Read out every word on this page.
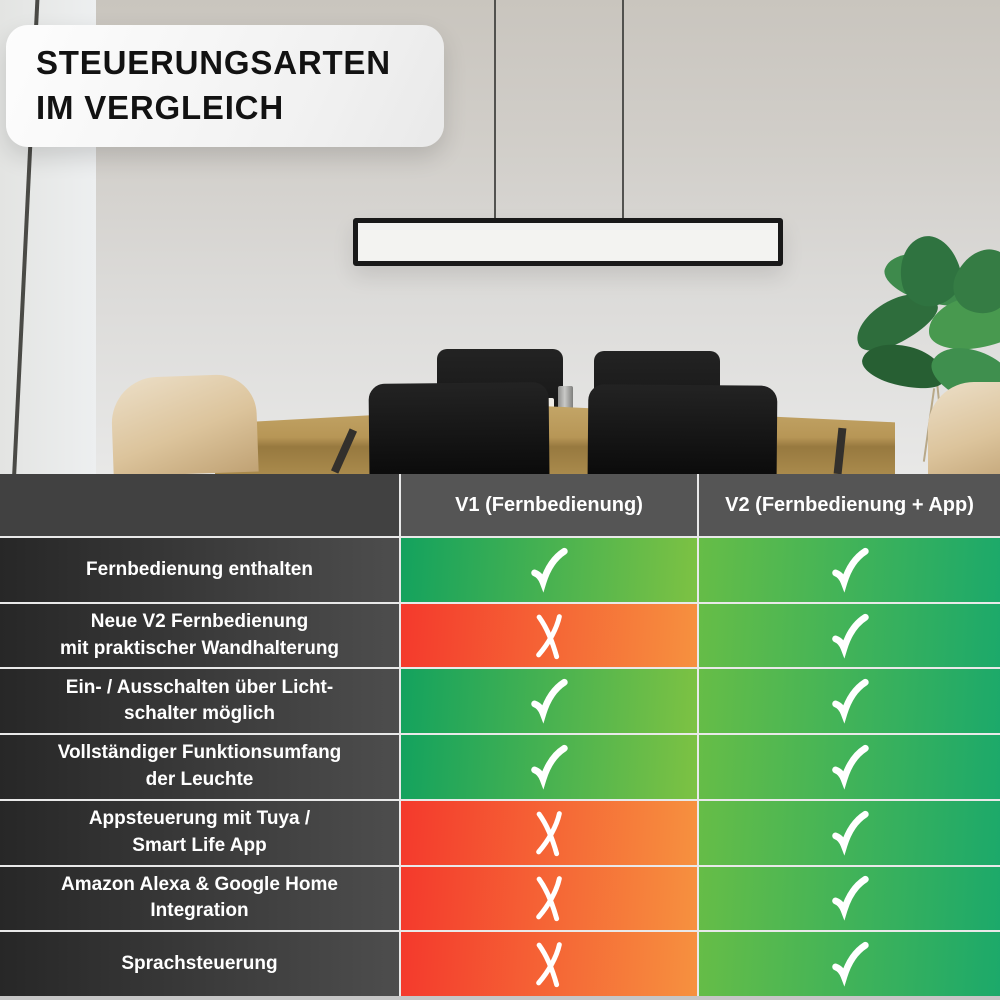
STEUERUNGSARTEN
IM VERGLEICH
V1 (Fernbedienung)	V2 (Fernbedienung + App)
Fernbedienung enthalten
Neue V2 Fernbedienung
mit praktischer Wandhalterung
Ein- / Ausschalten über Licht-
schalter möglich
Vollständiger Funktionsumfang
der Leuchte
Appsteuerung mit Tuya /
Smart Life App
Amazon Alexa & Google Home
Integration
Sprachsteuerung
